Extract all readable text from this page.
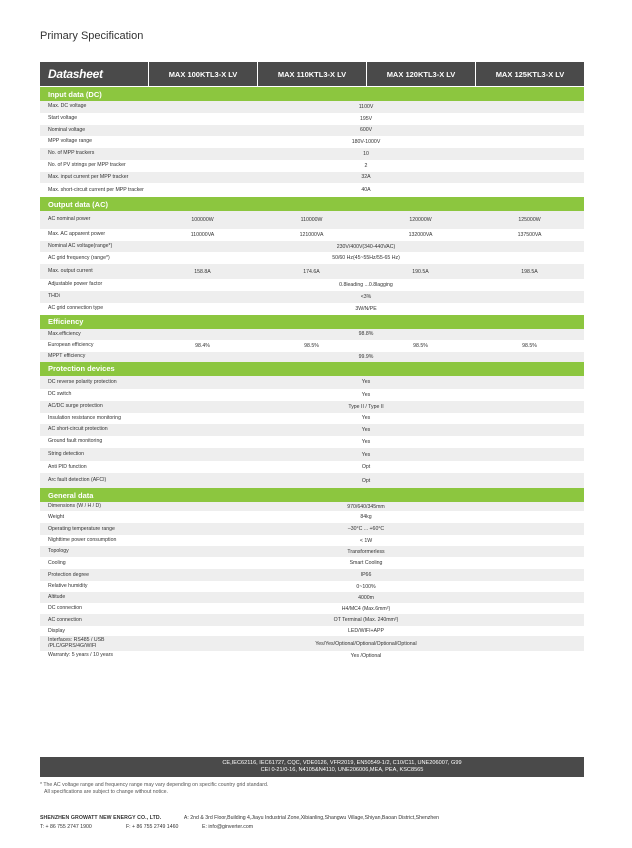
Primary Specification
Datasheet	MAX 100KTL3-X LV	MAX 110KTL3-X LV	MAX 120KTL3-X LV	MAX 125KTL3-X LV
Input data (DC)
Max. DC voltage	1100V
Start voltage	195V
Nominal voltage	600V
MPP voltage range	180V-1000V
No. of MPP trackers	10
No. of PV strings per MPP tracker	2
Max. input current per MPP tracker	32A
Max. short-circuit current per MPP tracker	40A
Output data (AC)
AC nominal power	100000W	110000W	120000W	125000W
Max. AC apparent power	110000VA	121000VA	132000VA	137500VA
Nominal AC voltage(range*)	230V/400V(340-440VAC)
AC grid frequency (range*)	50/60 Hz(45~55Hz/55-65 Hz)
Max. output current	158.8A	174.6A	190.5A	198.5A
Adjustable power factor	0.8leading ...0.8lagging
THDi	<3%
AC grid connection type	3W/N/PE
Efficiency
Max.efficiency	98.8%
European efficiency	98.4%	98.5%	98.5%	98.5%
MPPT efficiency	99.9%
Protection devices
DC reverse polarity protection	Yes
DC switch	Yes
AC/DC surge protection	Type II / Type II
Insulation resistance monitoring	Yes
AC short-circuit protection	Yes
Ground fault monitoring	Yes
String detection	Yes
Anti PID function	Opt
Arc fault detection (AFCI)	Opt
General data
Dimensions (W / H / D)	970/640/345mm
Weight	84kg
Operating temperature range	–30°C ... +60°C
Nighttime power consumption	< 1W
Topology	Transformerless
Cooling	Smart Cooling
Protection degree	IP66
Relative humidity	0~100%
Altitude	4000m
DC connection	H4/MC4 (Max.6mm²)
AC connection	OT Terminal (Max. 240mm²)
Display	LED/WIFI+APP
Interfaces: RS485 / USB /PLC/GPRS/4G/WIFI	Yes/Yes/Optional/Optional/Optional/Optional
Warranty: 5 years / 10 years	Yes /Optional
CE,IEC62116, IEC61727, CQC, VDE0126, VFR2019, EN50549-1/2, C10/C11, UNE206007, G99
CEI 0-21/0-16, N4105&N4110, UNE206006,MEA, PEA, KSC8565
* The AC voltage range and frequency range may vary depending on specific country grid standard.
All specifications are subject to change without notice.
SHENZHEN GROWATT NEW ENERGY CO., LTD.	A: 2nd & 3rd Floor,Building 4,Jiayu Industrial Zone,Xibianling,Shangwu Village,Shiyan,Baoan District,Shenzhen
T: + 86 755 2747 1900	F: + 86 755 2749 1460	E: info@ginverter.com
